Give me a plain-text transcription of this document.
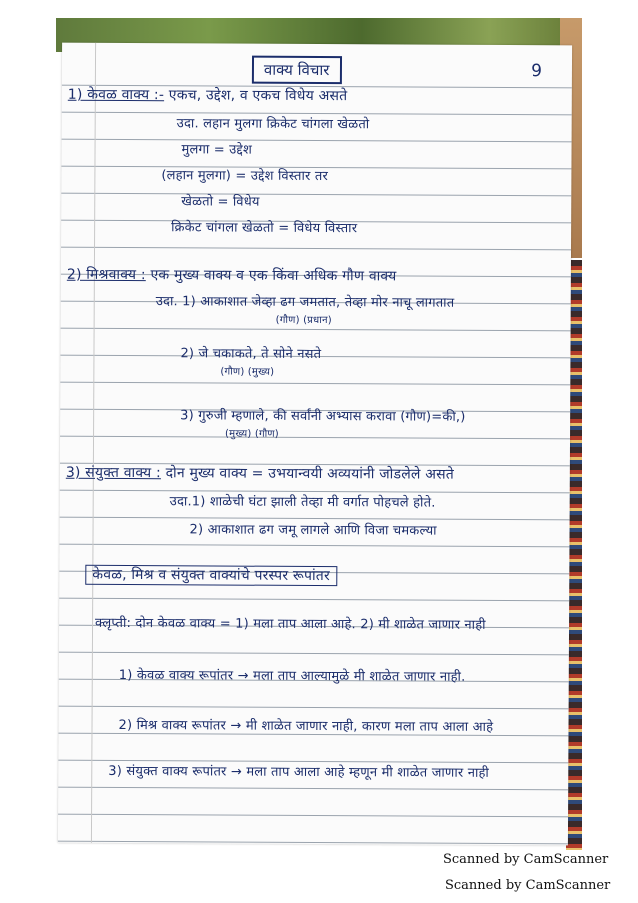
वाक्य विचार	9
1) केवळ वाक्य :- एकच, उद्देश, व एकच विधेय असते
उदा. लहान मुलगा क्रिकेट चांगला खेळतो
मुलगा = उद्देश
(लहान मुलगा) = उद्देश विस्तार तर
खेळतो = विधेय
क्रिकेट चांगला खेळतो = विधेय विस्तार
2) मिश्रवाक्य : एक मुख्य वाक्य व एक किंवा अधिक गौण वाक्य
उदा. 1) आकाशात जेव्हा ढग जमतात, तेव्हा मोर नाचू लागतात
(गौण) (प्रधान)
2) जे चकाकते, ते सोने नसते
(गौण) (मुख्य)
3) गुरुजी म्हणाले, की सर्वांनी अभ्यास करावा (गौण)=की,)
(मुख्य) (गौण)
3) संयुक्त वाक्य : दोन मुख्य वाक्य = उभयान्वयी अव्ययांनी जोडलेले असते
उदा.1) शाळेची घंटा झाली तेव्हा मी वर्गात पोहचले होते.
2) आकाशात ढग जमू लागले आणि विजा चमकल्या
केवळ, मिश्र व संयुक्त वाक्यांचे परस्पर रूपांतर
क्लृप्ती: दोन केवळ वाक्य = 1) मला ताप आला आहे. 2) मी शाळेत जाणार नाही
1) केवळ वाक्य रूपांतर → मला ताप आल्यामुळे मी शाळेत जाणार नाही.
2) मिश्र वाक्य रूपांतर → मी शाळेत जाणार नाही, कारण मला ताप आला आहे
3) संयुक्त वाक्य रूपांतर → मला ताप आला आहे म्हणून मी शाळेत जाणार नाही
Scanned by CamScanner
Scanned by CamScanner
